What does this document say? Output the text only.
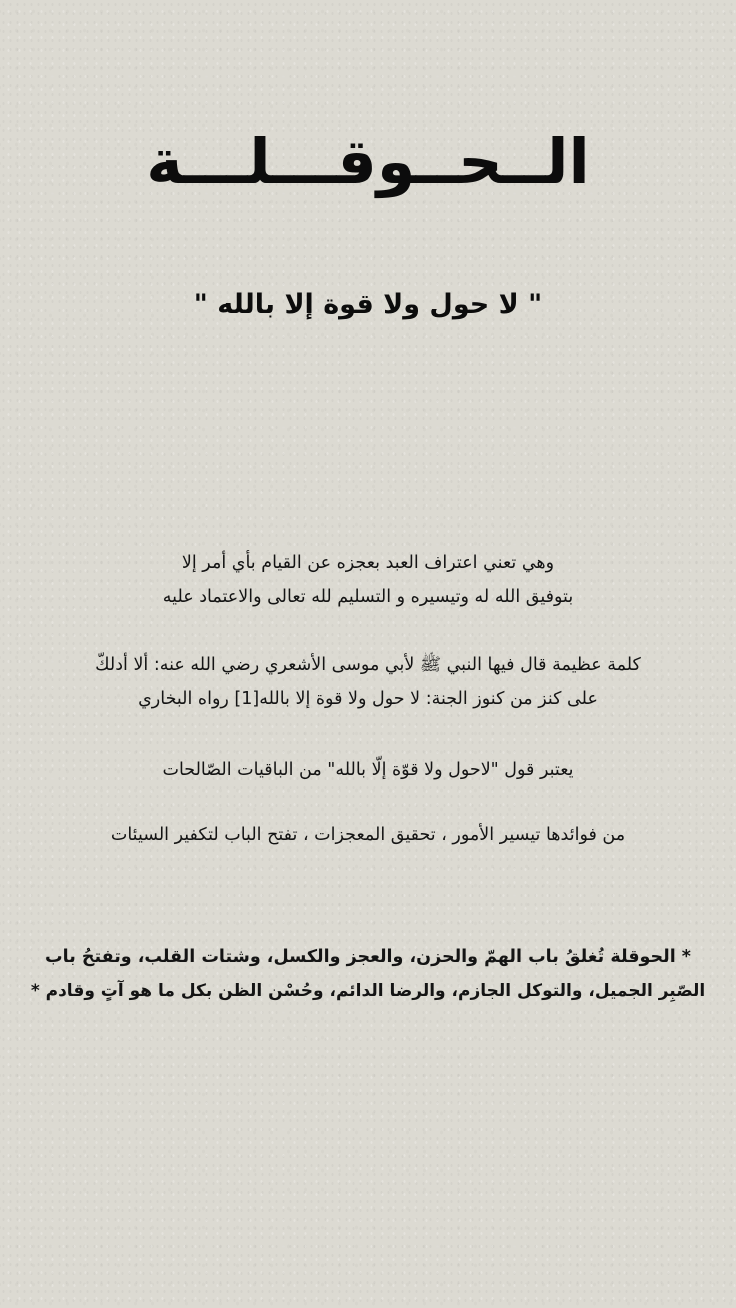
الــحــوقـــلـــة
" لا حول ولا قوة إلا بالله "

وهي تعني اعتراف العبد بعجزه عن القيام بأي أمر إلا
بتوفيق الله له وتيسيره و التسليم لله تعالى والاعتماد عليه

كلمة عظيمة قال فيها النبي ﷺ لأبي موسى الأشعري رضي الله عنه: ألا أدلكّ
على كنز من كنوز الجنة: لا حول ولا قوة إلا بالله[1] رواه البخاري

يعتبر قول "لاحول ولا قوّة إلّا بالله" من الباقيات الصّالحات

من فوائدها تيسير الأمور ، تحقيق المعجزات ، تفتح الباب لتكفير السيئات

* الحوقلة تُغلقُ باب الهمّ والحزن، والعجز والكسل، وشتات القلب، وتفتحُ باب
الصّبِر الجميل، والتوكل الجازم، والرضا الدائم، وحُسْن الظن بكل ما هو آتٍ وقادم *
